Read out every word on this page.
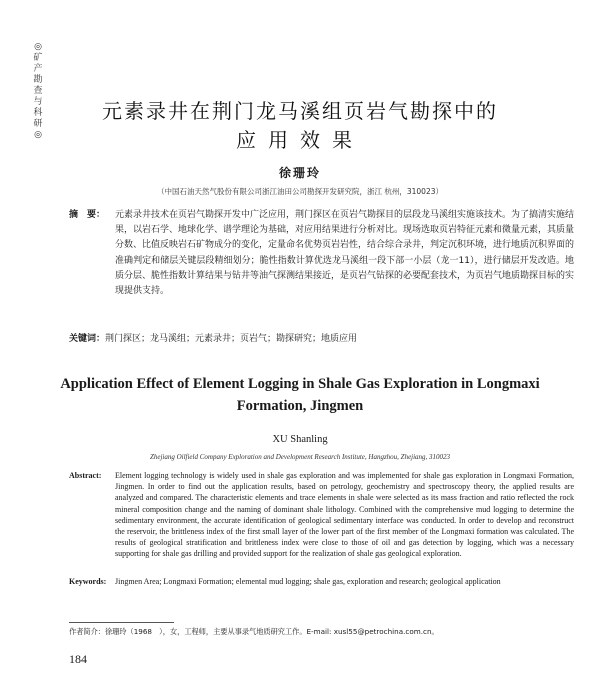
◎
矿
产
勘
查
与
科
研
◎
元素录井在荆门龙马溪组页岩气勘探中的
应用效果
徐珊玲
（中国石油天然气股份有限公司浙江油田公司勘探开发研究院，浙江 杭州，310023）
摘　要： 元素录井技术在页岩气勘探开发中广泛应用，荆门探区在页岩气勘探目的层段龙马溪组实施该技术。为了搞清实施结果，以岩石学、地球化学、谱学理论为基础，对应用结果进行分析对比。现场选取页岩特征元素和微量元素，其质量分数、比值反映岩石矿物成分的变化，定量命名优势页岩岩性，结合综合录井，判定沉积环境，进行地质沉积界面的准确判定和储层关键层段精细划分；脆性指数计算优选龙马溪组一段下部一小层（龙一11），进行储层开发改造。地质分层、脆性指数计算结果与钻井等油气探测结果接近，是页岩气钻探的必要配套技术，为页岩气地质勘探目标的实现提供支持。
关键词：荆门探区；龙马溪组；元素录井；页岩气；勘探研究；地质应用
Application Effect of Element Logging in Shale Gas Exploration in Longmaxi
Formation, Jingmen
XU Shanling
Zhejiang Oilfield Company Exploration and Development Research Institute, Hangzhou, Zhejiang, 310023
Abstract: Element logging technology is widely used in shale gas exploration and was implemented for shale gas exploration in Longmaxi Formation, Jingmen. In order to find out the application results, based on petrology, geochemistry and spectroscopy theory, the applied results are analyzed and compared. The characteristic elements and trace elements in shale were selected as its mass fraction and ratio reflected the rock mineral composition change and the naming of dominant shale lithology. Combined with the comprehensive mud logging to determine the sedimentary environment, the accurate identification of geological sedimentary interface was conducted. In order to develop and reconstruct the reservoir, the brittleness index of the first small layer of the lower part of the first member of the Longmaxi formation was calculated. The results of geological stratification and brittleness index were close to those of oil and gas detection by logging, which was a necessary supporting for shale gas drilling and provided support for the realization of shale gas geological exploration.
Keywords: Jingmen Area; Longmaxi Formation; elemental mud logging; shale gas, exploration and research; geological application
作者简介：徐珊玲（1968　），女，工程师，主要从事录气地质研究工作。E-mail: xusl55@petrochina.com.cn。
184
